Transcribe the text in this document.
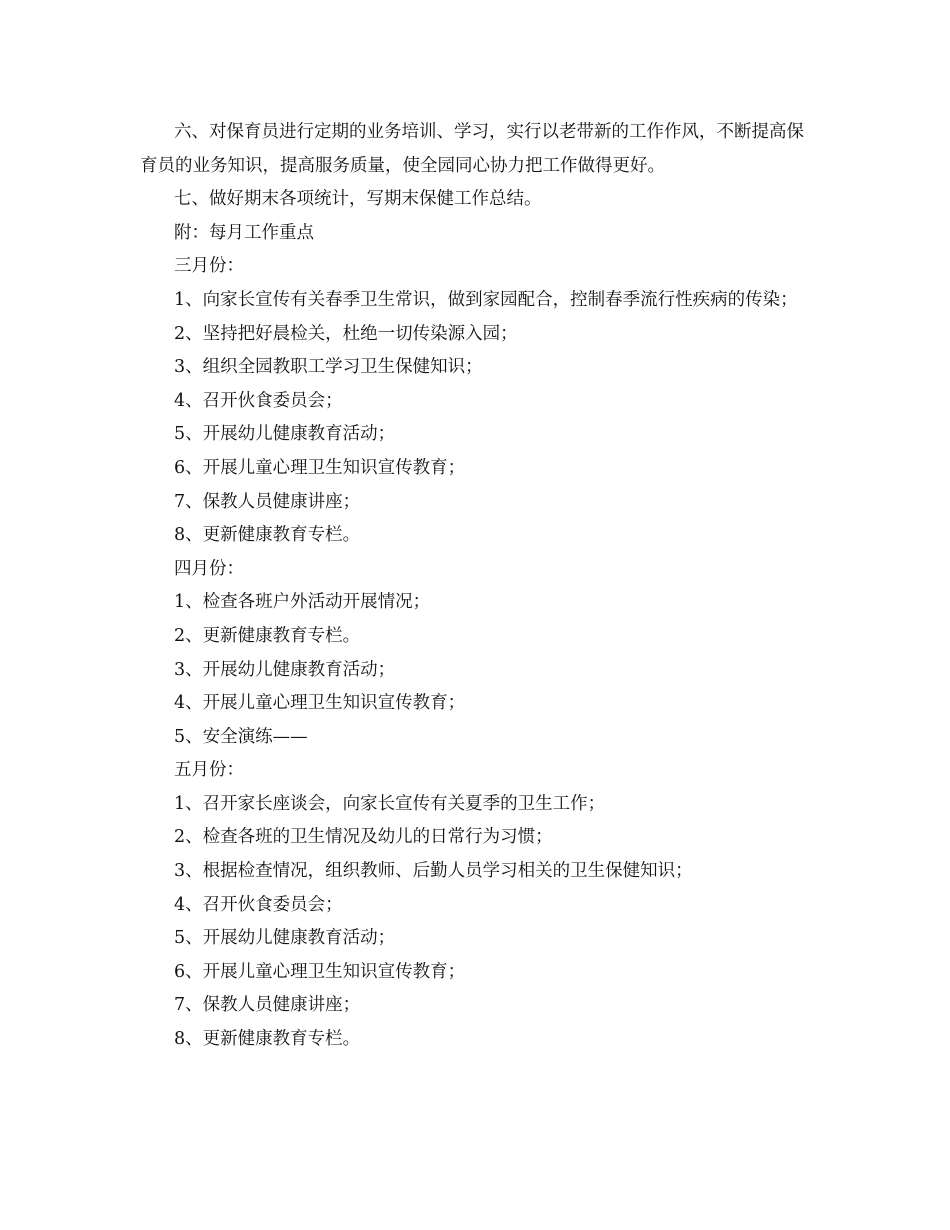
六、对保育员进行定期的业务培训、学习，实行以老带新的工作作风，不断提高保育员的业务知识，提高服务质量，使全园同心协力把工作做得更好。

七、做好期末各项统计，写期末保健工作总结。

附：每月工作重点

三月份：

1、向家长宣传有关春季卫生常识，做到家园配合，控制春季流行性疾病的传染；

2、坚持把好晨检关，杜绝一切传染源入园；

3、组织全园教职工学习卫生保健知识；

4、召开伙食委员会；

5、开展幼儿健康教育活动；

6、开展儿童心理卫生知识宣传教育；

7、保教人员健康讲座；

8、更新健康教育专栏。

四月份：

1、检查各班户外活动开展情况；

2、更新健康教育专栏。

3、开展幼儿健康教育活动；

4、开展儿童心理卫生知识宣传教育；

5、安全演练——

五月份：

1、召开家长座谈会，向家长宣传有关夏季的卫生工作；

2、检查各班的卫生情况及幼儿的日常行为习惯；

3、根据检查情况，组织教师、后勤人员学习相关的卫生保健知识；

4、召开伙食委员会；

5、开展幼儿健康教育活动；

6、开展儿童心理卫生知识宣传教育；

7、保教人员健康讲座；

8、更新健康教育专栏。
